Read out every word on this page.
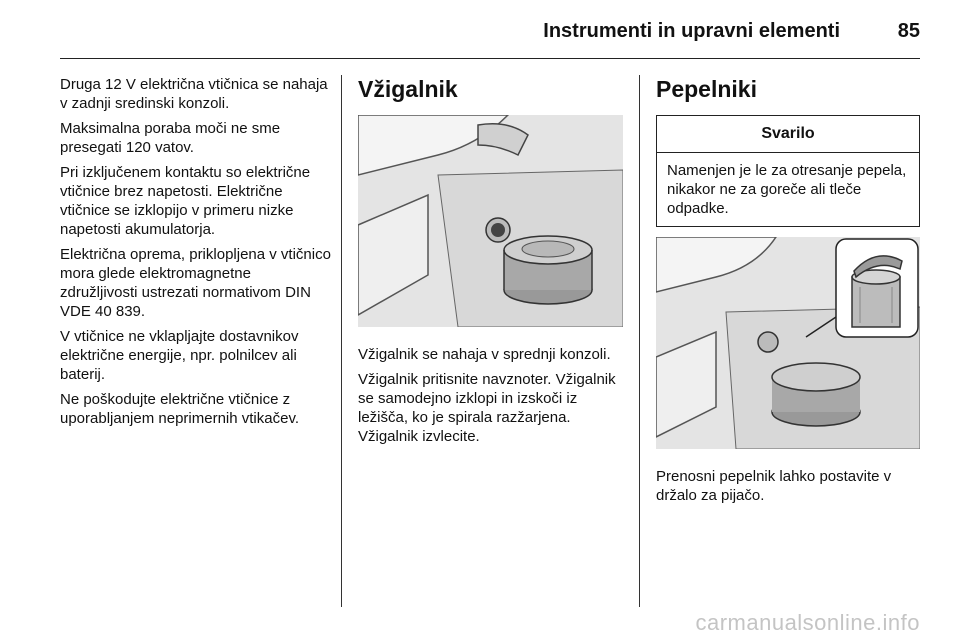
Instrumenti in upravni elementi	85

Druga 12 V električna vtičnica se nahaja v zadnji sredinski konzoli.

Maksimalna poraba moči ne sme presegati 120 vatov.

Pri izključenem kontaktu so električne vtičnice brez napetosti. Električne vtičnice se izklopijo v primeru nizke napetosti akumulatorja.

Električna oprema, priklopljena v vtičnico mora glede elektromagnetne združljivosti ustrezati normativom DIN VDE 40 839.

V vtičnice ne vklapljajte dostavnikov električne energije, npr. polnilcev ali baterij.

Ne poškodujte električne vtičnice z uporabljanjem neprimernih vtikačev.

Vžigalnik

Vžigalnik se nahaja v sprednji konzoli.

Vžigalnik pritisnite navznoter. Vžigalnik se samodejno izklopi in izskoči iz ležišča, ko je spirala razžarjena. Vžigalnik izvlecite.

Pepelniki
Svarilo
Namenjen je le za otresanje pepela, nikakor ne za goreče ali tleče odpadke.

Prenosni pepelnik lahko postavite v držalo za pijačo.

carmanualsonline.info
